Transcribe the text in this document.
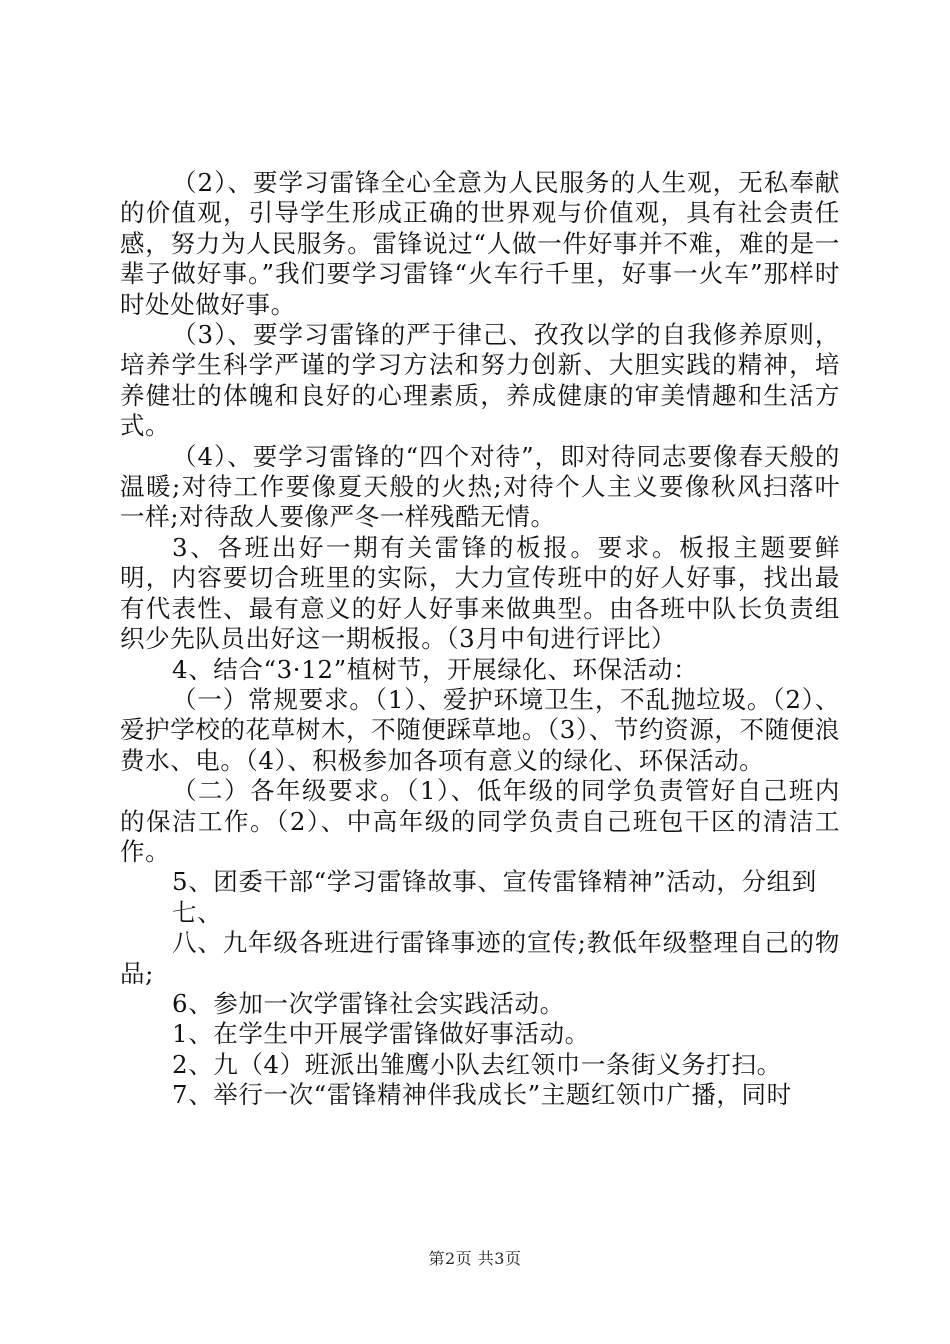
（2）、要学习雷锋全心全意为人民服务的人生观，无私奉献的价值观，引导学生形成正确的世界观与价值观，具有社会责任感，努力为人民服务。雷锋说过“人做一件好事并不难，难的是一辈子做好事。”我们要学习雷锋“火车行千里，好事一火车”那样时时处处做好事。

（3）、要学习雷锋的严于律己、孜孜以学的自我修养原则，培养学生科学严谨的学习方法和努力创新、大胆实践的精神，培养健壮的体魄和良好的心理素质，养成健康的审美情趣和生活方式。

（4）、要学习雷锋的“四个对待”，即对待同志要像春天般的温暖;对待工作要像夏天般的火热;对待个人主义要像秋风扫落叶一样;对待敌人要像严冬一样残酷无情。

3、各班出好一期有关雷锋的板报。要求。板报主题要鲜明，内容要切合班里的实际，大力宣传班中的好人好事，找出最有代表性、最有意义的好人好事来做典型。由各班中队长负责组织少先队员出好这一期板报。（3月中旬进行评比）

4、结合“3·12”植树节，开展绿化、环保活动：

（一）常规要求。（1）、爱护环境卫生，不乱抛垃圾。（2）、爱护学校的花草树木，不随便踩草地。（3）、节约资源，不随便浪费水、电。（4）、积极参加各项有意义的绿化、环保活动。

（二）各年级要求。（1）、低年级的同学负责管好自己班内的保洁工作。（2）、中高年级的同学负责自己班包干区的清洁工作。

5、团委干部“学习雷锋故事、宣传雷锋精神”活动，分组到

七、

八、九年级各班进行雷锋事迹的宣传;教低年级整理自己的物品;

6、参加一次学雷锋社会实践活动。

1、在学生中开展学雷锋做好事活动。

2、九（4）班派出雏鹰小队去红领巾一条街义务打扫。

7、举行一次“雷锋精神伴我成长”主题红领巾广播，同时

第2页 共3页
